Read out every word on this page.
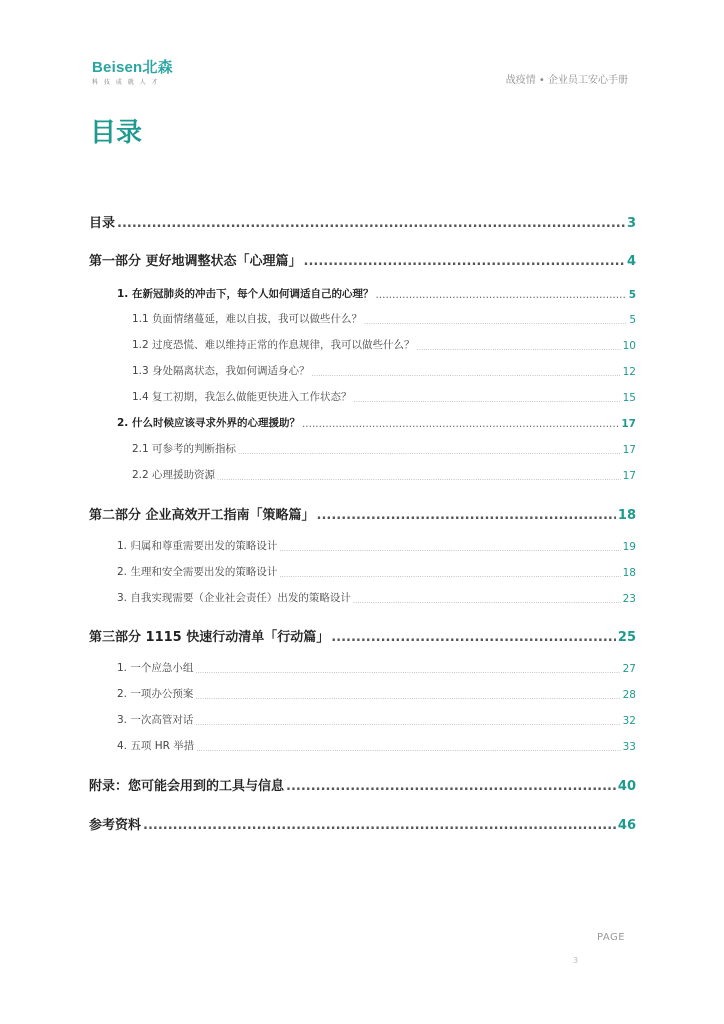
Beisen北森
科 技 成 就 人 才	战疫情 • 企业员工安心手册
目录
目录 .....	3
第一部分 更好地调整状态「心理篇」 .....	4
1. 在新冠肺炎的冲击下，每个人如何调适自己的心理？ .....	5
1.1 负面情绪蔓延，难以自拔，我可以做些什么？ .....	5
1.2 过度恐慌、难以维持正常的作息规律，我可以做些什么？ .....	10
1.3 身处隔离状态，我如何调适身心？ .....	12
1.4 复工初期，我怎么做能更快进入工作状态？ .....	15
2. 什么时候应该寻求外界的心理援助？ .....	17
2.1 可参考的判断指标 .....	17
2.2 心理援助资源 .....	17
第二部分 企业高效开工指南「策略篇」 .....	18
1. 归属和尊重需要出发的策略设计 .....	19
2. 生理和安全需要出发的策略设计 .....	18
3. 自我实现需要（企业社会责任）出发的策略设计 .....	23
第三部分 1115 快速行动清单「行动篇」 .....	25
1. 一个应急小组 .....	27
2. 一项办公预案 .....	28
3. 一次高管对话 .....	32
4. 五项 HR 举措 .....	33
附录：您可能会用到的工具与信息 .....	40
参考资料 .....	46
PAGE
3
